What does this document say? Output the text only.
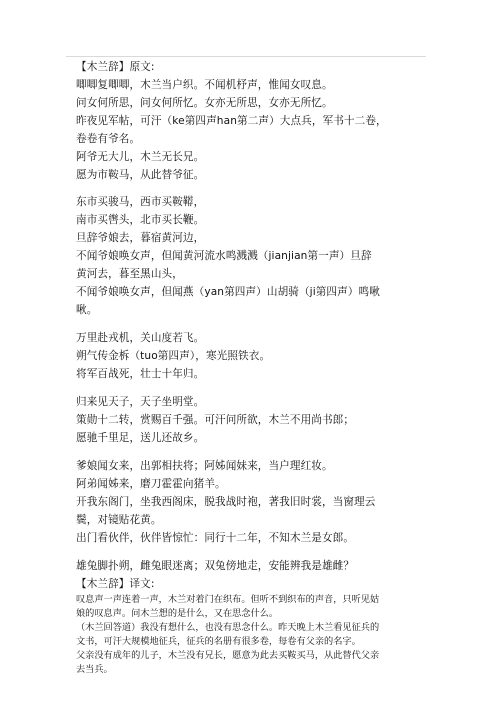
【木兰辞】原文:
唧唧复唧唧，木兰当户织。不闻机杼声，惟闻女叹息。
问女何所思，问女何所忆。女亦无所思，女亦无所忆。
昨夜见军帖，可汗（ke第四声han第二声）大点兵，军书十二卷，
卷卷有爷名。
阿爷无大儿，木兰无长兄。
愿为市鞍马，从此替爷征。
东市买骏马，西市买鞍鞯，
南市买辔头，北市买长鞭。
旦辞爷娘去，暮宿黄河边，
不闻爷娘唤女声，但闻黄河流水鸣溅溅（jianjian第一声）旦辞
黄河去，暮至黑山头，
不闻爷娘唤女声，但闻燕（yan第四声）山胡骑（ji第四声）鸣啾
啾。
万里赴戎机，关山度若飞。
朔气传金柝（tuo第四声），寒光照铁衣。
将军百战死，壮士十年归。
归来见天子，天子坐明堂。
策勋十二转，赏赐百千强。可汗问所欲，木兰不用尚书郎；
愿驰千里足，送儿还故乡。
爹娘闻女来，出郭相扶将；阿姊闻妹来，当户理红妆。
阿弟闻姊来，磨刀霍霍向猪羊。
开我东阁门，坐我西阁床，脱我战时袍，著我旧时裳，当窗理云
鬓，对镜贴花黄。
出门看伙伴，伙伴皆惊忙：同行十二年，不知木兰是女郎。
雄兔脚扑朔，雌兔眼迷离；双兔傍地走，安能辨我是雄雌？
【木兰辞】译文:
叹息声一声连着一声，木兰对着门在织布。但听不到织布的声音，只听见姑
娘的叹息声。问木兰想的是什么，又在思念什么。
（木兰回答道）我没有想什么，也没有思念什么。昨天晚上木兰看见征兵的
文书，可汗大规模地征兵，征兵的名册有很多卷，每卷有父亲的名字。
父亲没有成年的儿子，木兰没有兄长，愿意为此去买鞍买马，从此替代父亲
去当兵。
